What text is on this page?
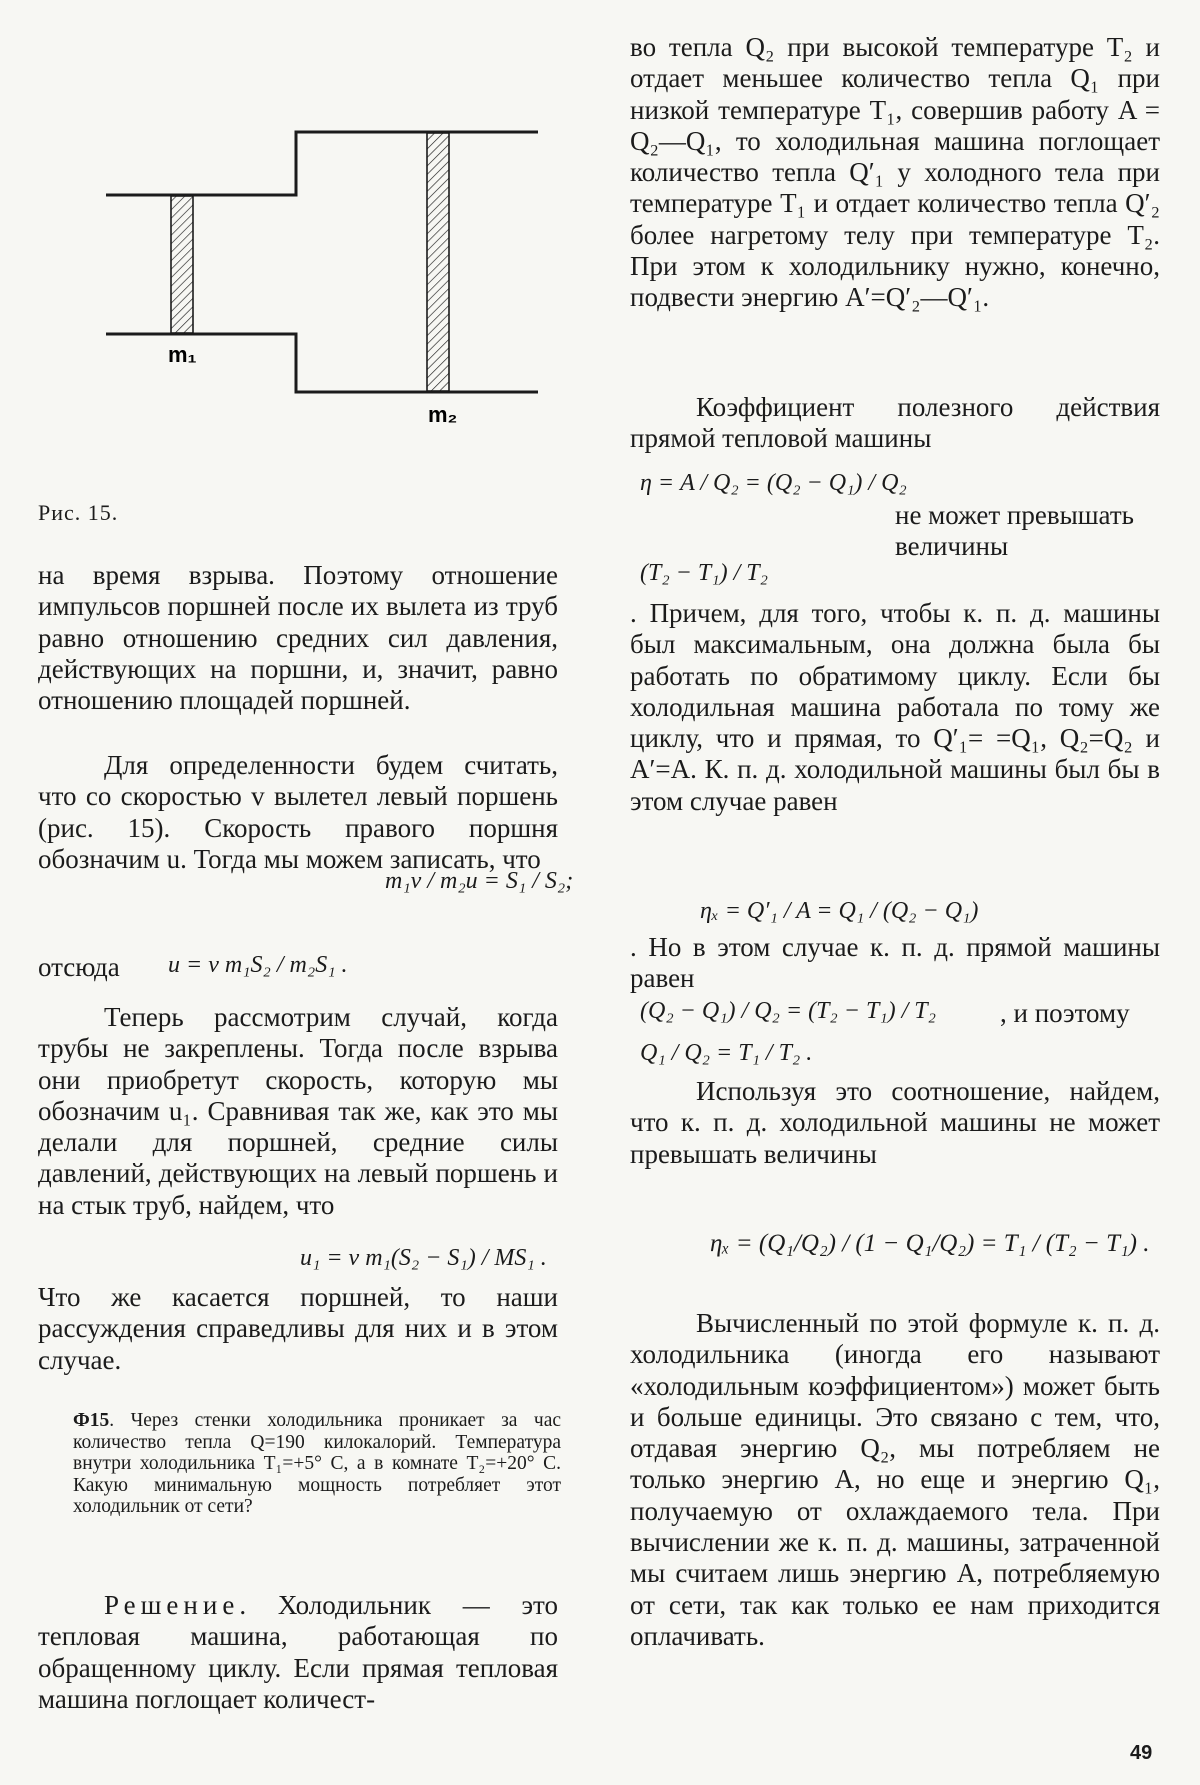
m₁
m₂
Рис. 15.

на время взрыва. Поэтому отношение импульсов поршней после их вылета из труб равно отношению средних сил давления, действующих на поршни, и, значит, равно отношению площадей поршней.

Для определенности будем считать, что со скоростью v вылетел левый поршень (рис. 15). Скорость правого поршня обозначим u. Тогда мы можем записать, что

m₁v / m₂u = S₁ / S₂;
отсюда u = v m₁S₂ / m₂S₁ .

Теперь рассмотрим случай, когда трубы не закреплены. Тогда после взрыва они приобретут скорость, которую мы обозначим u₁. Сравнивая так же, как это мы делали для поршней, средние силы давлений, действующих на левый поршень и на стык труб, найдем, что

u₁ = v m₁(S₂ − S₁) / MS₁ .

Что же касается поршней, то наши рассуждения справедливы для них и в этом случае.

Ф15. Через стенки холодильника проникает за час количество тепла Q=190 килокалорий. Температура внутри холодильника T₁=+5° C, а в комнате T₂=+20° C. Какую минимальную мощность потребляет этот холодильник от сети?

Решение. Холодильник — это тепловая машина, работающая по обращенному циклу. Если прямая тепловая машина поглощает количест-

во тепла Q₂ при высокой температуре T₂ и отдает меньшее количество тепла Q₁ при низкой температуре T₁, совершив работу A = Q₂—Q₁, то холодильная машина поглощает количество тепла Q′₁ у холодного тела при температуре T₁ и отдает количество тепла Q′₂ более нагретому телу при температуре T₂. При этом к холодильнику нужно, конечно, подвести энергию A′=Q′₂—Q′₁.

Коэффициент полезного действия прямой тепловой машины

η = A / Q₂ = (Q₂ − Q₁) / Q₂
не может превышать величины
(T₂ − T₁) / T₂

. Причем, для того, чтобы к. п. д. машины был максимальным, она должна была бы работать по обратимому циклу. Если бы холодильная машина работала по тому же циклу, что и прямая, то Q′₁= =Q₁, Q₂=Q₂ и A′=A. К. п. д. холодильной машины был бы в этом случае равен

ηₓ = Q′₁ / A = Q₁ / (Q₂ − Q₁)

. Но в этом случае к. п. д. прямой машины равен

(Q₂ − Q₁) / Q₂ = (T₂ − T₁) / T₂ , и поэтому
Q₁ / Q₂ = T₁ / T₂ .

Используя это соотношение, найдем, что к. п. д. холодильной машины не может превышать величины

ηₓ = (Q₁/Q₂) / (1 − Q₁/Q₂) = T₁ / (T₂ − T₁) .

Вычисленный по этой формуле к. п. д. холодильника (иногда его называют «холодильным коэффициентом») может быть и больше единицы. Это связано с тем, что, отдавая энергию Q₂, мы потребляем не только энергию A, но еще и энергию Q₁, получаемую от охлаждаемого тела. При вычислении же к. п. д. машины, затраченной мы считаем лишь энергию A, потребляемую от сети, так как только ее нам приходится оплачивать.

49
